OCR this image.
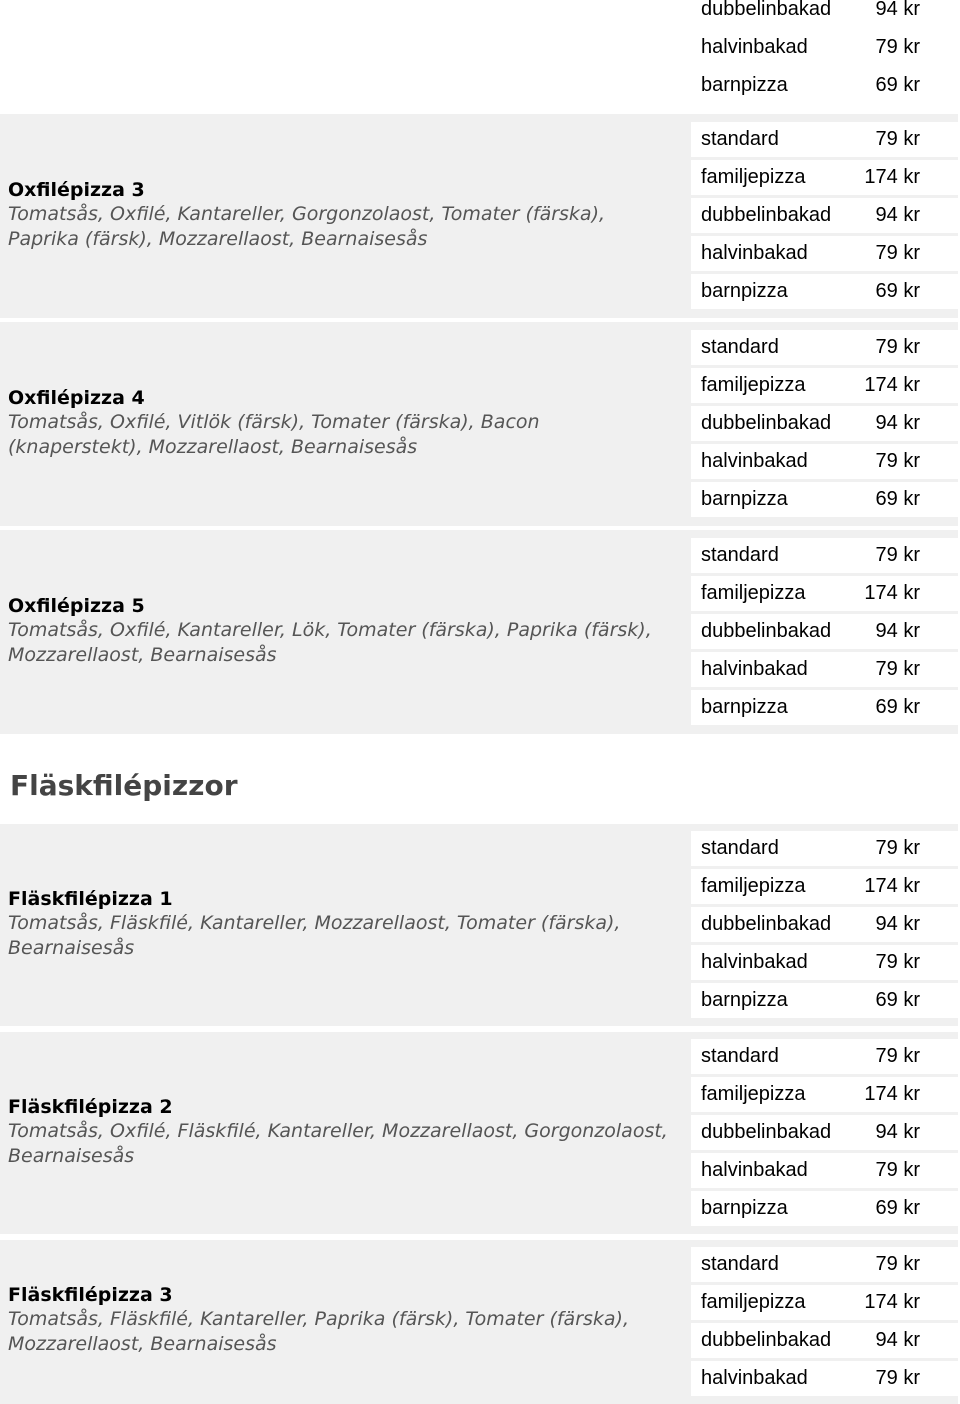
dubbelinbakad 94 kr
halvinbakad	79 kr
barnpizza	69 kr
Oxfilépizza 3
Tomatsås, Oxfilé, Kantareller, Gorgonzolaost, Tomater (färska), Paprika (färsk), Mozzarellaost, Bearnaisesås
standard	79 kr
familjepizza	174 kr
dubbelinbakad 94 kr
halvinbakad	79 kr
barnpizza	69 kr
Oxfilépizza 4
Tomatsås, Oxfilé, Vitlök (färsk), Tomater (färska), Bacon (knaperstekt), Mozzarellaost, Bearnaisesås
standard	79 kr
familjepizza	174 kr
dubbelinbakad 94 kr
halvinbakad	79 kr
barnpizza	69 kr
Oxfilépizza 5
Tomatsås, Oxfilé, Kantareller, Lök, Tomater (färska), Paprika (färsk), Mozzarellaost, Bearnaisesås
standard	79 kr
familjepizza	174 kr
dubbelinbakad 94 kr
halvinbakad	79 kr
barnpizza	69 kr
Fläskfilépizzor
Fläskfilépizza 1
Tomatsås, Fläskfilé, Kantareller, Mozzarellaost, Tomater (färska), Bearnaisesås
standard	79 kr
familjepizza	174 kr
dubbelinbakad 94 kr
halvinbakad	79 kr
barnpizza	69 kr
Fläskfilépizza 2
Tomatsås, Oxfilé, Fläskfilé, Kantareller, Mozzarellaost, Gorgonzolaost, Bearnaisesås
standard	79 kr
familjepizza	174 kr
dubbelinbakad 94 kr
halvinbakad	79 kr
barnpizza	69 kr
Fläskfilépizza 3
Tomatsås, Fläskfilé, Kantareller, Paprika (färsk), Tomater (färska), Mozzarellaost, Bearnaisesås
standard	79 kr
familjepizza	174 kr
dubbelinbakad 94 kr
halvinbakad	79 kr
